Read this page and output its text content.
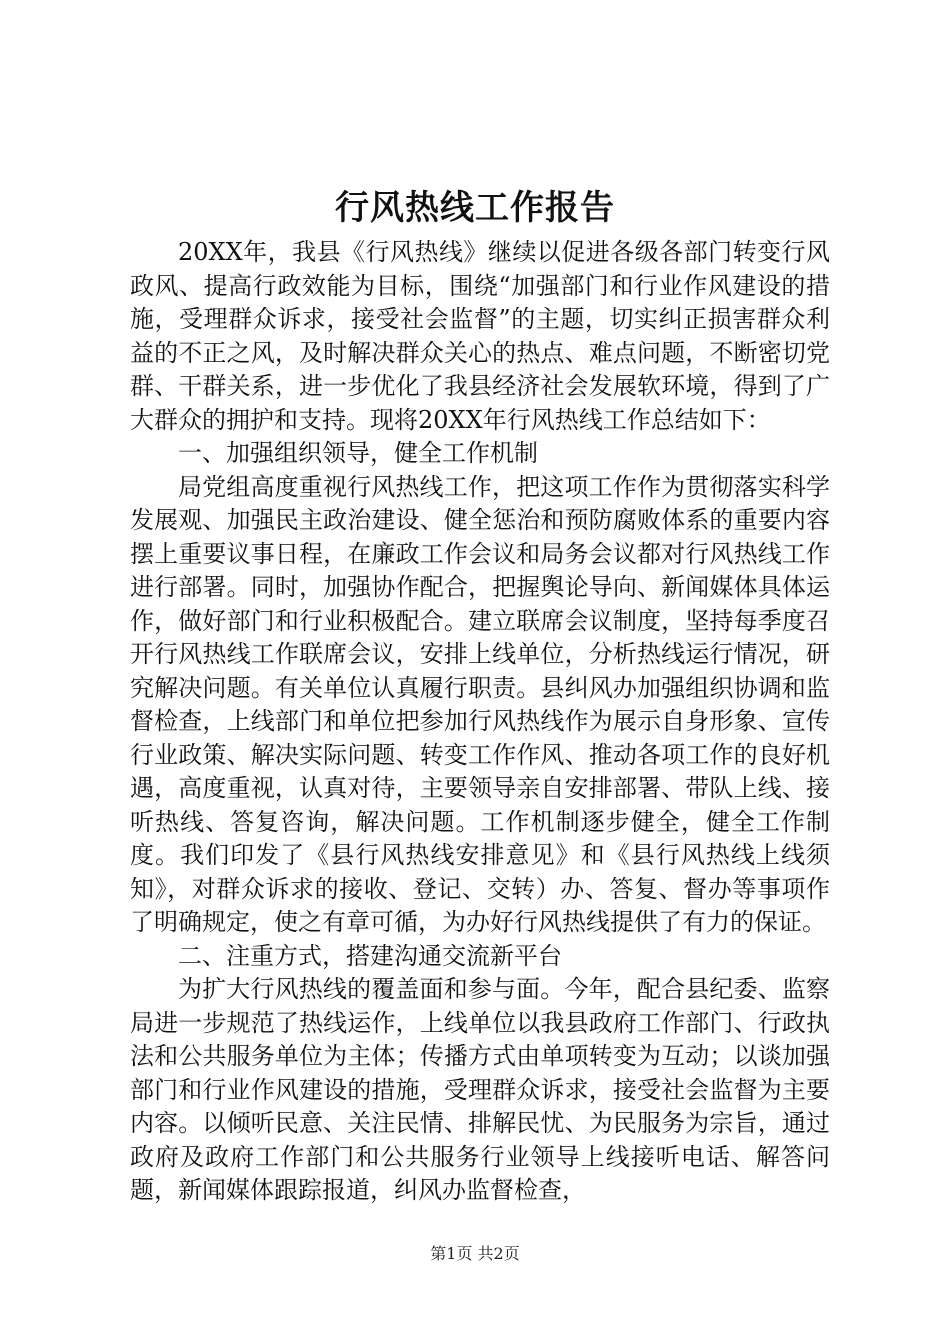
行风热线工作报告

20XX年，我县《行风热线》继续以促进各级各部门转变行风政风、提高行政效能为目标，围绕“加强部门和行业作风建设的措施，受理群众诉求，接受社会监督”的主题，切实纠正损害群众利益的不正之风，及时解决群众关心的热点、难点问题，不断密切党群、干群关系，进一步优化了我县经济社会发展软环境，得到了广大群众的拥护和支持。现将20XX年行风热线工作总结如下：

一、加强组织领导，健全工作机制

局党组高度重视行风热线工作，把这项工作作为贯彻落实科学发展观、加强民主政治建设、健全惩治和预防腐败体系的重要内容摆上重要议事日程，在廉政工作会议和局务会议都对行风热线工作进行部署。同时，加强协作配合，把握舆论导向、新闻媒体具体运作，做好部门和行业积极配合。建立联席会议制度，坚持每季度召开行风热线工作联席会议，安排上线单位，分析热线运行情况，研究解决问题。有关单位认真履行职责。县纠风办加强组织协调和监督检查，上线部门和单位把参加行风热线作为展示自身形象、宣传行业政策、解决实际问题、转变工作作风、推动各项工作的良好机遇，高度重视，认真对待，主要领导亲自安排部署、带队上线、接听热线、答复咨询，解决问题。工作机制逐步健全，健全工作制度。我们印发了《县行风热线安排意见》和《县行风热线上线须知》，对群众诉求的接收、登记、交转）办、答复、督办等事项作了明确规定，使之有章可循，为办好行风热线提供了有力的保证。

二、注重方式，搭建沟通交流新平台

为扩大行风热线的覆盖面和参与面。今年，配合县纪委、监察局进一步规范了热线运作，上线单位以我县政府工作部门、行政执法和公共服务单位为主体；传播方式由单项转变为互动；以谈加强部门和行业作风建设的措施，受理群众诉求，接受社会监督为主要内容。以倾听民意、关注民情、排解民忧、为民服务为宗旨，通过政府及政府工作部门和公共服务行业领导上线接听电话、解答问题，新闻媒体跟踪报道，纠风办监督检查，

第1页 共2页
